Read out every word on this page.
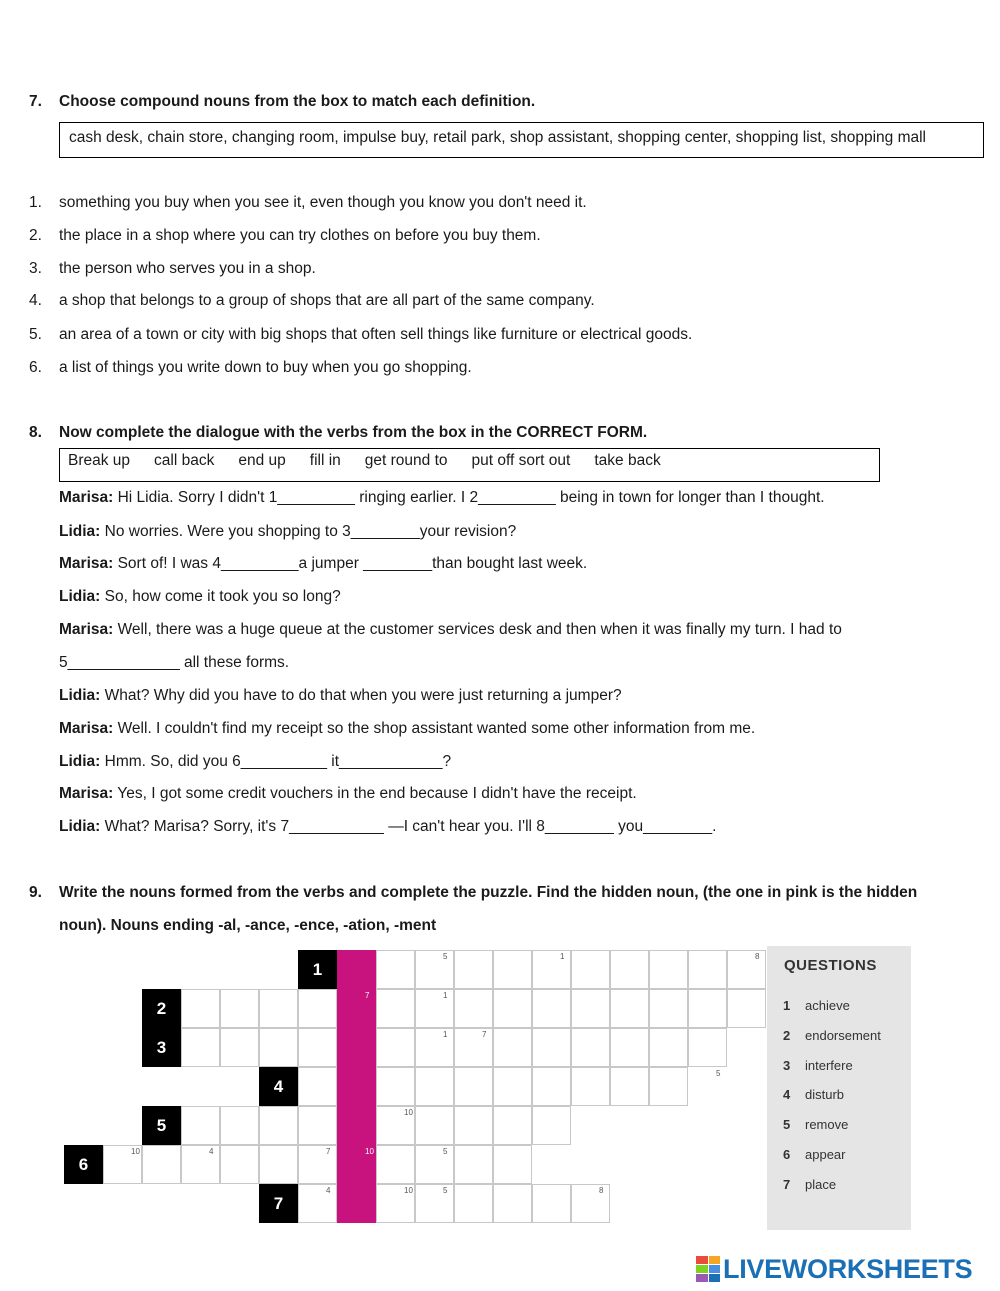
7. Choose compound nouns from the box to match each definition.
cash desk, chain store, changing room, impulse buy, retail park, shop assistant, shopping center, shopping list, shopping mall
1. something you buy when you see it, even though you know you don't need it.
2. the place in a shop where you can try clothes on before you buy them.
3. the person who serves you in a shop.
4. a shop that belongs to a group of shops that are all part of the same company.
5. an area of a town or city with big shops that often sell things like furniture or electrical goods.
6. a list of things you write down to buy when you go shopping.
8. Now complete the dialogue with the verbs from the box in the CORRECT FORM.
Break up call back end up fill in get round to put off sort out take back
Marisa: Hi Lidia. Sorry I didn't 1_________ ringing earlier. I 2_________ being in town for longer than I thought.
Lidia: No worries. Were you shopping to 3________your revision?
Marisa: Sort of! I was 4_________a jumper ________than bought last week.
Lidia: So, how come it took you so long?
Marisa: Well, there was a huge queue at the customer services desk and then when it was finally my turn. I had to
5_____________ all these forms.
Lidia: What? Why did you have to do that when you were just returning a jumper?
Marisa: Well. I couldn't find my receipt so the shop assistant wanted some other information from me.
Lidia: Hmm. So, did you 6__________ it____________?
Marisa: Yes, I got some credit vouchers in the end because I didn't have the receipt.
Lidia: What? Marisa? Sorry, it's 7___________ —I can't hear you. I'll 8________ you________.
9. Write the nouns formed from the verbs and complete the puzzle. Find the hidden noun, (the one in pink is the hidden
noun). Nouns ending -al, -ance, -ence, -ation, -ment
1
2
3
4
5
6
7
5	1	8
7	1
1	7
5
10
10	4	7	10	5
4	10	5	8
QUESTIONS
1 achieve
2 endorsement
3 interfere
4 disturb
5 remove
6 appear
7 place
LIVEWORKSHEETS
